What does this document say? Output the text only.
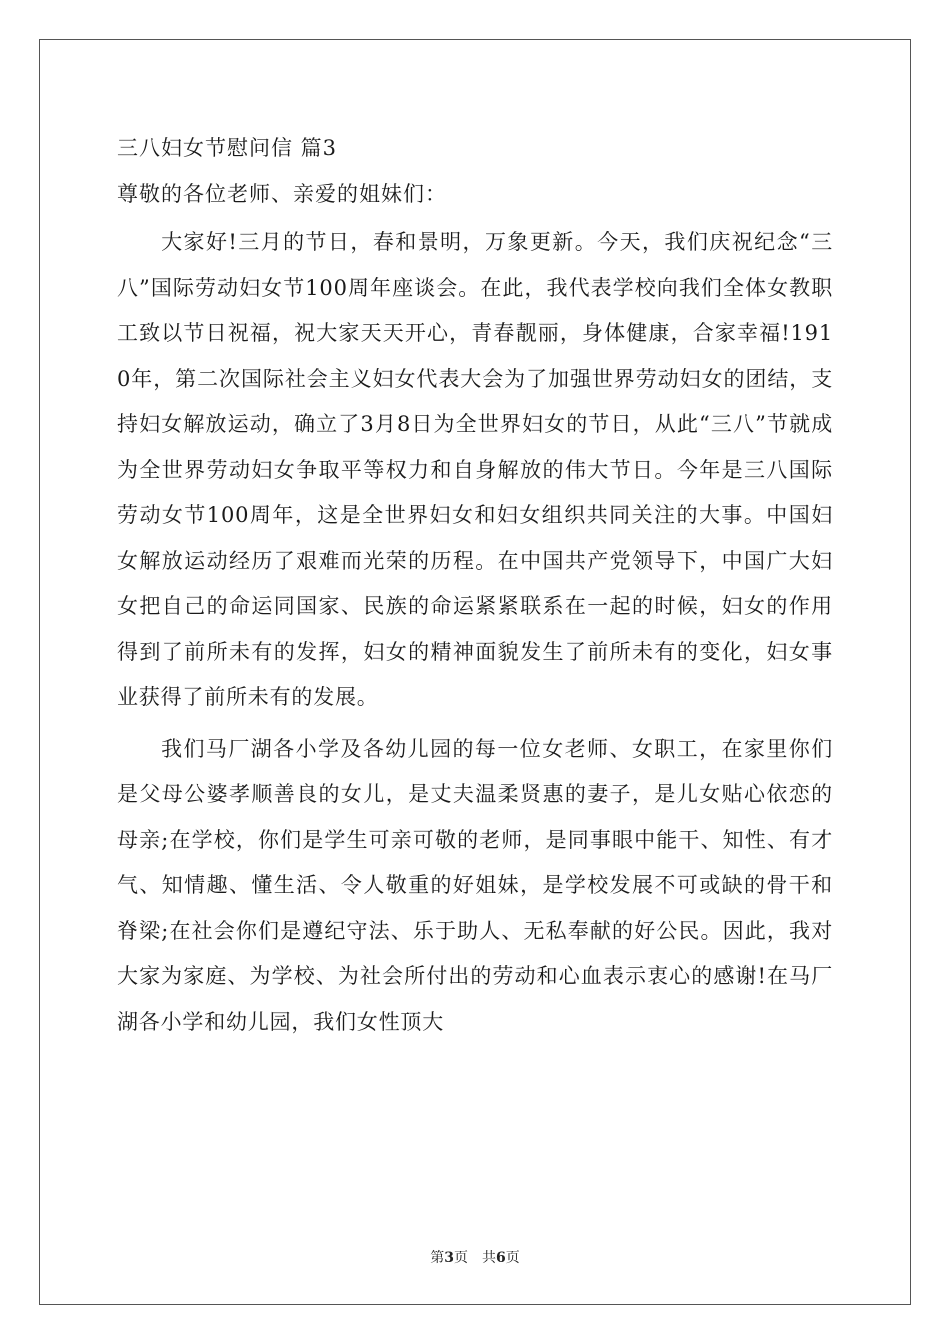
三八妇女节慰问信 篇3
尊敬的各位老师、亲爱的姐妹们：

大家好!三月的节日，春和景明，万象更新。今天，我们庆祝纪念“三八”国际劳动妇女节100周年座谈会。在此，我代表学校向我们全体女教职工致以节日祝福，祝大家天天开心，青春靓丽，身体健康，合家幸福!1910年，第二次国际社会主义妇女代表大会为了加强世界劳动妇女的团结，支持妇女解放运动，确立了3月8日为全世界妇女的节日，从此“三八”节就成为全世界劳动妇女争取平等权力和自身解放的伟大节日。今年是三八国际劳动女节100周年，这是全世界妇女和妇女组织共同关注的大事。中国妇女解放运动经历了艰难而光荣的历程。在中国共产党领导下，中国广大妇女把自己的命运同国家、民族的命运紧紧联系在一起的时候，妇女的作用得到了前所未有的发挥，妇女的精神面貌发生了前所未有的变化，妇女事业获得了前所未有的发展。

我们马厂湖各小学及各幼儿园的每一位女老师、女职工，在家里你们是父母公婆孝顺善良的女儿，是丈夫温柔贤惠的妻子，是儿女贴心依恋的母亲;在学校，你们是学生可亲可敬的老师，是同事眼中能干、知性、有才气、知情趣、懂生活、令人敬重的好姐妹，是学校发展不可或缺的骨干和脊梁;在社会你们是遵纪守法、乐于助人、无私奉献的好公民。因此，我对大家为家庭、为学校、为社会所付出的劳动和心血表示衷心的感谢!在马厂湖各小学和幼儿园，我们女性顶大

第3页 共6页
